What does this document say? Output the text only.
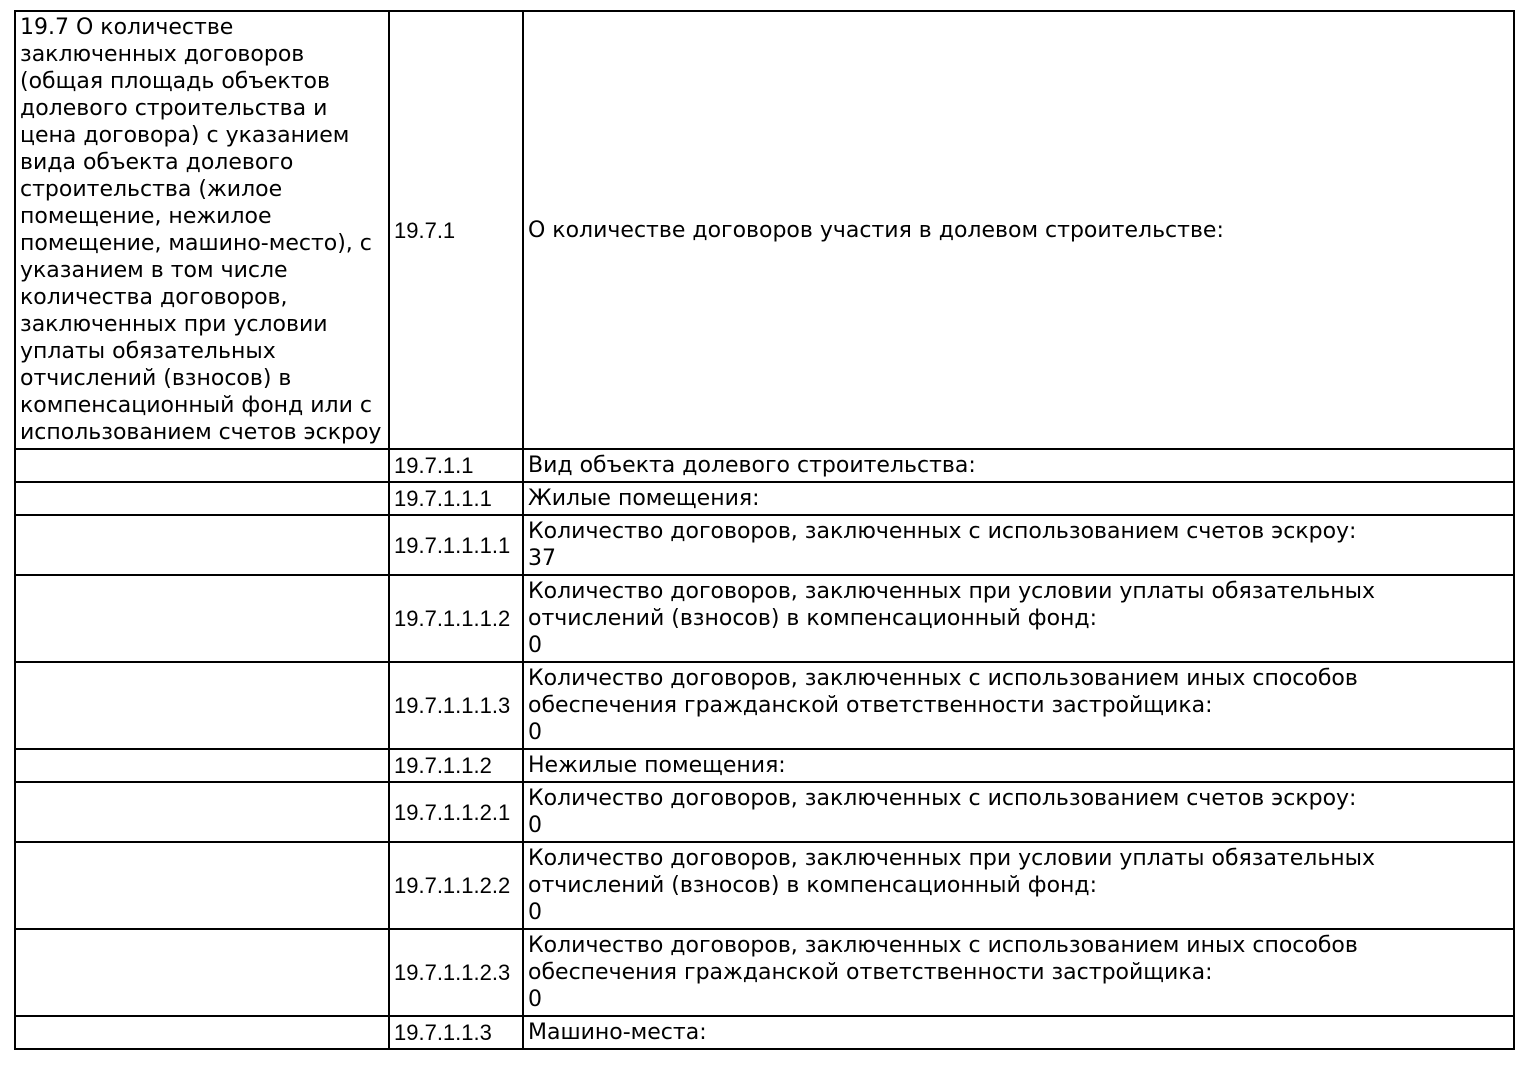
19.7 О количестве заключенных договоров (общая площадь объектов долевого строительства и цена договора) с указанием вида объекта долевого строительства (жилое помещение, нежилое помещение, машино-место), с указанием в том числе количества договоров, заключенных при условии уплаты обязательных отчислений (взносов) в компенсационный фонд или с использованием счетов эскроу	19.7.1	О количестве договоров участия в долевом строительстве:

	19.7.1.1	Вид объекта долевого строительства:

	19.7.1.1.1	Жилые помещения:

	19.7.1.1.1.1	Количество договоров, заключенных с использованием счетов эскроу:
37

	19.7.1.1.1.2	Количество договоров, заключенных при условии уплаты обязательных отчислений (взносов) в компенсационный фонд:
0

	19.7.1.1.1.3	Количество договоров, заключенных с использованием иных способов обеспечения гражданской ответственности застройщика:
0

	19.7.1.1.2	Нежилые помещения:

	19.7.1.1.2.1	Количество договоров, заключенных с использованием счетов эскроу:
0

	19.7.1.1.2.2	Количество договоров, заключенных при условии уплаты обязательных отчислений (взносов) в компенсационный фонд:
0

	19.7.1.1.2.3	Количество договоров, заключенных с использованием иных способов обеспечения гражданской ответственности застройщика:
0

	19.7.1.1.3	Машино-места:
